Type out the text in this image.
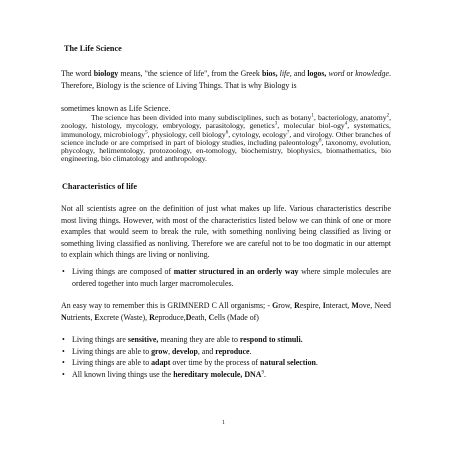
The Life Science

The word biology means, "the science of life", from the Greek bios, life, and logos, word or knowledge. Therefore, Biology is the science of Living Things. That is why Biology is

sometimes known as Life Science.

The science has been divided into many subdisciplines, such as botany$^1$, bacteriology, anatomy$^2$, zoology, histology, mycology, embryology, parasitology, genetics$^3$, molecular biol-ogy$^4$, systematics, immunology, microbiology$^5$, physiology, cell biology$^6$, cytology, ecology$^7$, and virology. Other branches of science include or are comprised in part of biology studies, including paleontology$^8$, taxonomy, evolution, phycology, helimentology, protozoology, en-tomology, biochemistry, biophysics, biomathematics, bio engineering, bio climatology and anthropology.

Characteristics of life

Not all scientists agree on the definition of just what makes up life. Various characteristics describe most living things. However, with most of the characteristics listed below we can think of one or more examples that would seem to break the rule, with something nonliving being classified as living or something living classified as nonliving. Therefore we are careful not to be too dogmatic in our attempt to explain which things are living or nonliving.

• Living things are composed of matter structured in an orderly way where simple molecules are ordered together into much larger macromolecules.

An easy way to remember this is GRIMNERD C All organisms; - Grow, Respire, Interact, Move, Need Nutrients, Excrete (Waste), Reproduce,Death, Cells (Made of)

• Living things are sensitive, meaning they are able to respond to stimuli.
• Living things are able to grow, develop, and reproduce.
• Living things are able to adapt over time by the process of natural selection.
• All known living things use the hereditary molecule, DNA$^9$.
1
